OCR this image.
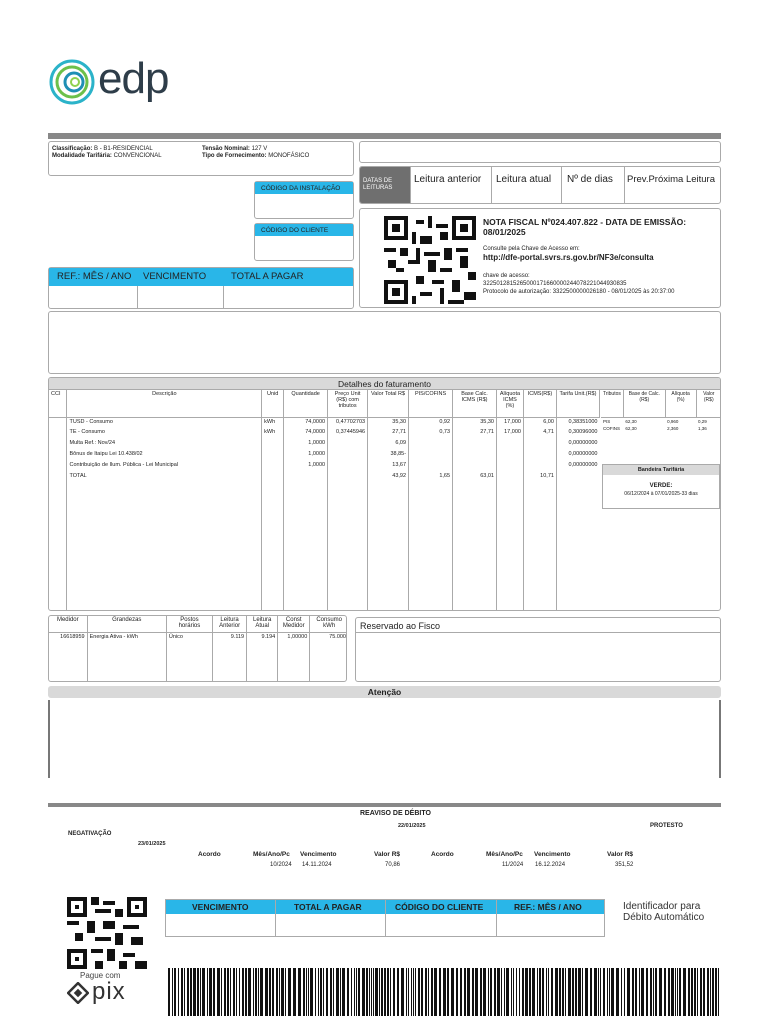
edp
Classificação: B - B1-RESIDENCIAL
Modalidade Tarifária: CONVENCIONAL
Tensão Nominal: 127 V
Tipo de Fornecimento: MONOFÁSICO
CÓDIGO DA INSTALAÇÃO
CÓDIGO DO CLIENTE
REF.: MÊS / ANO VENCIMENTO	TOTAL A PAGAR
DATAS DE LEITURAS
Leitura anterior Leitura atual Nº de dias Prev.Próxima Leitura
NOTA FISCAL Nº024.407.822 - DATA DE EMISSÃO: 08/01/2025
Consulte pela Chave de Acesso em:
http://dfe-portal.svrs.rs.gov.br/NF3e/consulta
chave de acesso:
32250128152650001716600002440782210449308​35
Protocolo de autorização: 3322500000026180 - 08/01/2025 às 20:37:00
Detalhes do faturamento
CCI	Descrição	Unid	Quantidade	Preço Unit (R$) com tributos	Valor Total R$	PIS/COFINS	Base Calc. ICMS (R$)	Alíquota ICMS (%)	ICMS(R$)	Tarifa Unit.(R$)
	TUSD - Consumo	kWh	74,0000	0,47702703	35,30	0,92	35,30	17,000	6,00	0,38351000
	TE - Consumo	kWh	74,0000	0,37445946	27,71	0,73	27,71	17,000	4,71	0,30096000
	Multa Ref.: Nov/24		1,0000		6,09					0,00000000
	Bônus de Itaipu Lei 10.438/02		1,0000		38,85-					0,00000000
	Contribuição de Ilum. Pública - Lei Municipal		1,0000		13,67					0,00000000
	TOTAL				43,92	1,65	63,01		10,71	

Tributos	Base de Calc. (R$)	Alíquota (%)	Valor (R$)
PIS	62,30	0,960	0,29
COFINS	62,30	2,360	1,36
Bandeira Tarifária
VERDE:
06/12/2024 à 07/01/2025-33 dias
Medidor	Grandezas	Postos horários	Leitura Anterior	Leitura Atual	Const Medidor	Consumo kWh
16618959	Energia Ativa - kWh	Único	9.119	9.194	1,00000	75.000
Reservado ao Fisco
Atenção
REAVISO DE DÉBITO
22/01/2025	PROTESTO
NEGATIVAÇÃO
23/01/2025
Acordo	Mês/Ano/Pc Vencimento	Valor R$	Acordo	Mês/Ano/Pc Vencimento	Valor R$
10/2024 14.11.2024	70,86	11/2024 16.12.2024	351,52
Pague com
pix
VENCIMENTO	TOTAL A PAGAR	CÓDIGO DO CLIENTE	REF.: MÊS / ANO	Identificador para Débito Automático
